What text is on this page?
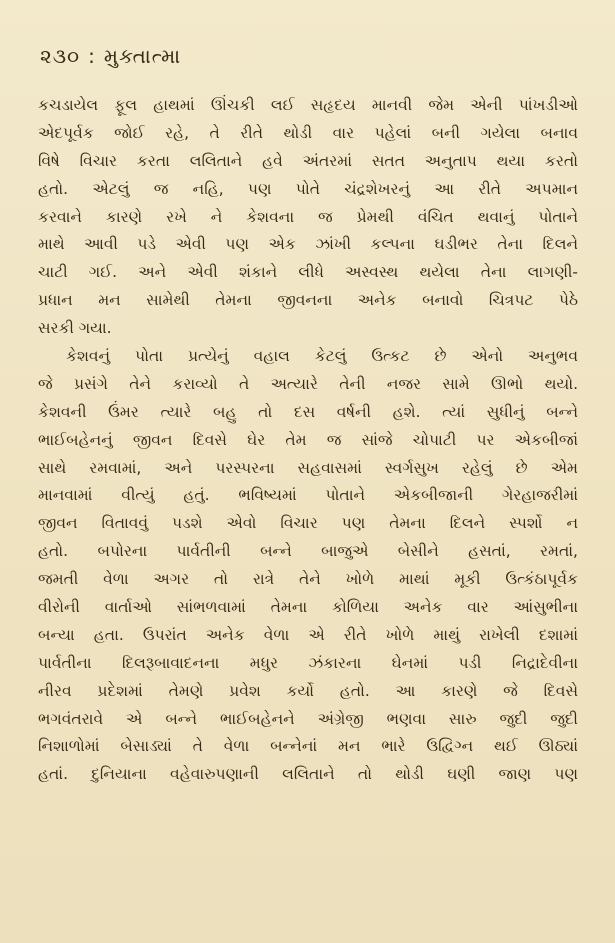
૨૩૦ : મુક્તાત્મા
કચડાયેલ ફૂલ હાથમાં ઊંચકી લઈ સહૃદય માનવી જેમ એની પાંખડીઓ
એદપૂર્વક જોઈ રહે, તે રીતે થોડી વાર પહેલાં બની ગયેલા બનાવ
વિષે વિચાર કરતા લલિતાને હવે અંતરમાં સતત અનુતાપ થયા કરતો
હતો. એટલું જ નહિ, પણ પોતે ચંદ્રશેખરનું આ રીતે અપમાન
કરવાને કારણે રખે ને કેશવના જ પ્રેમથી વંચિત થવાનું પોતાને
માથે આવી પડે એવી પણ એક ઝાંખી કલ્પના ઘડીભર તેના દિલને
ચાટી ગઈ. અને એવી શંકાને લીધે અસ્વસ્થ થયેલા તેના લાગણી-
પ્રધાન મન સામેથી તેમના જીવનના અનેક બનાવો ચિત્રપટ પેઠે
સરકી ગયા.
કેશવનું પોતા પ્રત્યેનું વહાલ કેટલું ઉત્કટ છે એનો અનુભવ
જે પ્રસંગે તેને કરાવ્યો તે અત્યારે તેની નજર સામે ઊભો થયો.
કેશવની ઉંમર ત્યારે બહુ તો દસ વર્ષની હશે. ત્યાં સુધીનું બન્ને
ભાઈબહેનનું જીવન દિવસે ઘેર તેમ જ સાંજે ચોપાટી પર એકબીજાં
સાથે રમવામાં, અને પરસ્પરના સહવાસમાં સ્વર્ગસુખ રહેલું છે એમ
માનવામાં વીત્યું હતું. ભવિષ્યમાં પોતાને એકબીજાની ગેરહાજરીમાં
જીવન વિતાવવું પડશે એવો વિચાર પણ તેમના દિલને સ્પર્શો ન
હતો. બપોરના પાર્વતીની બન્ને બાજુએ બેસીને હસતાં, રમતાં,
જમતી વેળા અગર તો રાત્રે તેને ખોળે માથાં મૂકી ઉત્કંઠાપૂર્વક
વીરોની વાર્તાઓ સાંભળવામાં તેમના કોળિયા અનેક વાર આંસુભીના
બન્યા હતા. ઉપરાંત અનેક વેળા એ રીતે ખોળે માથું રાખેલી દશામાં
પાર્વતીના દિલરૂબાવાદનના મધુર ઝંકારના ઘેનમાં પડી નિદ્રાદેવીના
નીરવ પ્રદેશમાં તેમણે પ્રવેશ કર્યો હતો. આ કારણે જે દિવસે
ભગવંતરાવે એ બન્ને ભાઈબહેનને અંગ્રેજી ભણવા સારુ જુદી જુદી
નિશાળોમાં બેસાડ્યાં તે વેળા બન્નેનાં મન ભારે ઉદ્વિગ્ન થઈ ઊઠ્યાં
હતાં. દુનિયાના વહેવારુપણાની લલિતાને તો થોડી ઘણી જાણ પણ
